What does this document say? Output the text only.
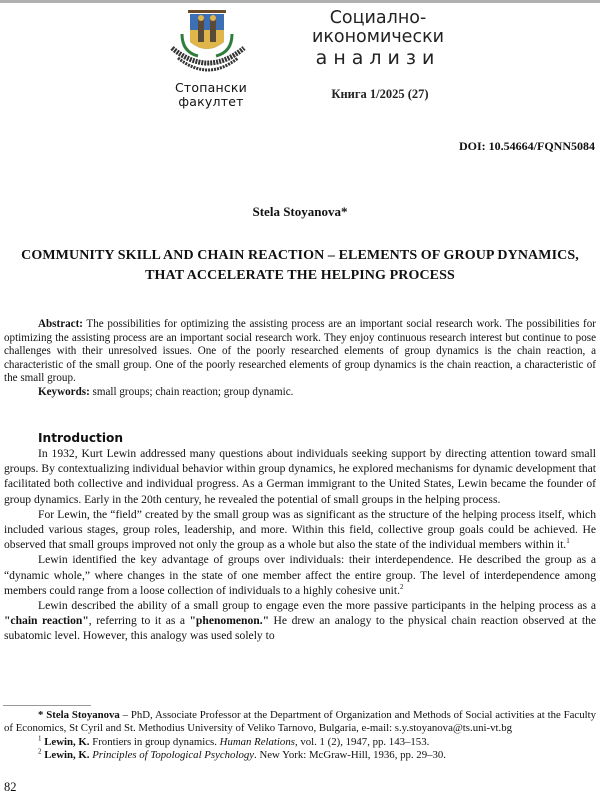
Стопански
факултет
Социално-
икономически
анализи
Книга 1/2025 (27)
DOI: 10.54664/FQNN5084
Stela Stoyanova*
COMMUNITY SKILL AND CHAIN REACTION – ELEMENTS OF GROUP DYNAMICS, THAT ACCELERATE THE HELPING PROCESS

Abstract: The possibilities for optimizing the assisting process are an important social research work. The possibilities for optimizing the assisting process are an important social research work. They enjoy continuous research interest but continue to pose challenges with their unresolved issues. One of the poorly researched elements of group dynamics is the chain reaction, a characteristic of the small group. One of the poorly researched elements of group dynamics is the chain reaction, a characteristic of the small group.

Keywords: small groups; chain reaction; group dynamic.

Introduction

In 1932, Kurt Lewin addressed many questions about individuals seeking support by directing attention toward small groups. By contextualizing individual behavior within group dynamics, he explored mechanisms for dynamic development that facilitated both collective and individual progress. As a German immigrant to the United States, Lewin became the founder of group dynamics. Early in the 20th century, he revealed the potential of small groups in the helping process.

For Lewin, the “field” created by the small group was as significant as the structure of the helping process itself, which included various stages, group roles, leadership, and more. Within this field, collective group goals could be achieved. He observed that small groups improved not only the group as a whole but also the state of the individual members within it.$^1$

Lewin identified the key advantage of groups over individuals: their interdependence. He described the group as a “dynamic whole,” where changes in the state of one member affect the entire group. The level of interdependence among members could range from a loose collection of individuals to a highly cohesive unit.$^2$

Lewin described the ability of a small group to engage even the more passive participants in the helping process as a "chain reaction", referring to it as a "phenomenon." He drew an analogy to the physical chain reaction observed at the subatomic level. However, this analogy was used solely to

* Stela Stoyanova – PhD, Associate Professor at the Department of Organization and Methods of Social activities at the Faculty of Economics, St Cyril and St. Methodius University of Veliko Tarnovo, Bulgaria, e-mail: s.y.stoyanova@ts.uni-vt.bg

$^1$ Lewin, K. Frontiers in group dynamics. Human Relations, vol. 1 (2), 1947, pp. 143–153.

$^2$ Lewin, K. Principles of Topological Psychology. New York: McGraw-Hill, 1936, pp. 29–30.

82
